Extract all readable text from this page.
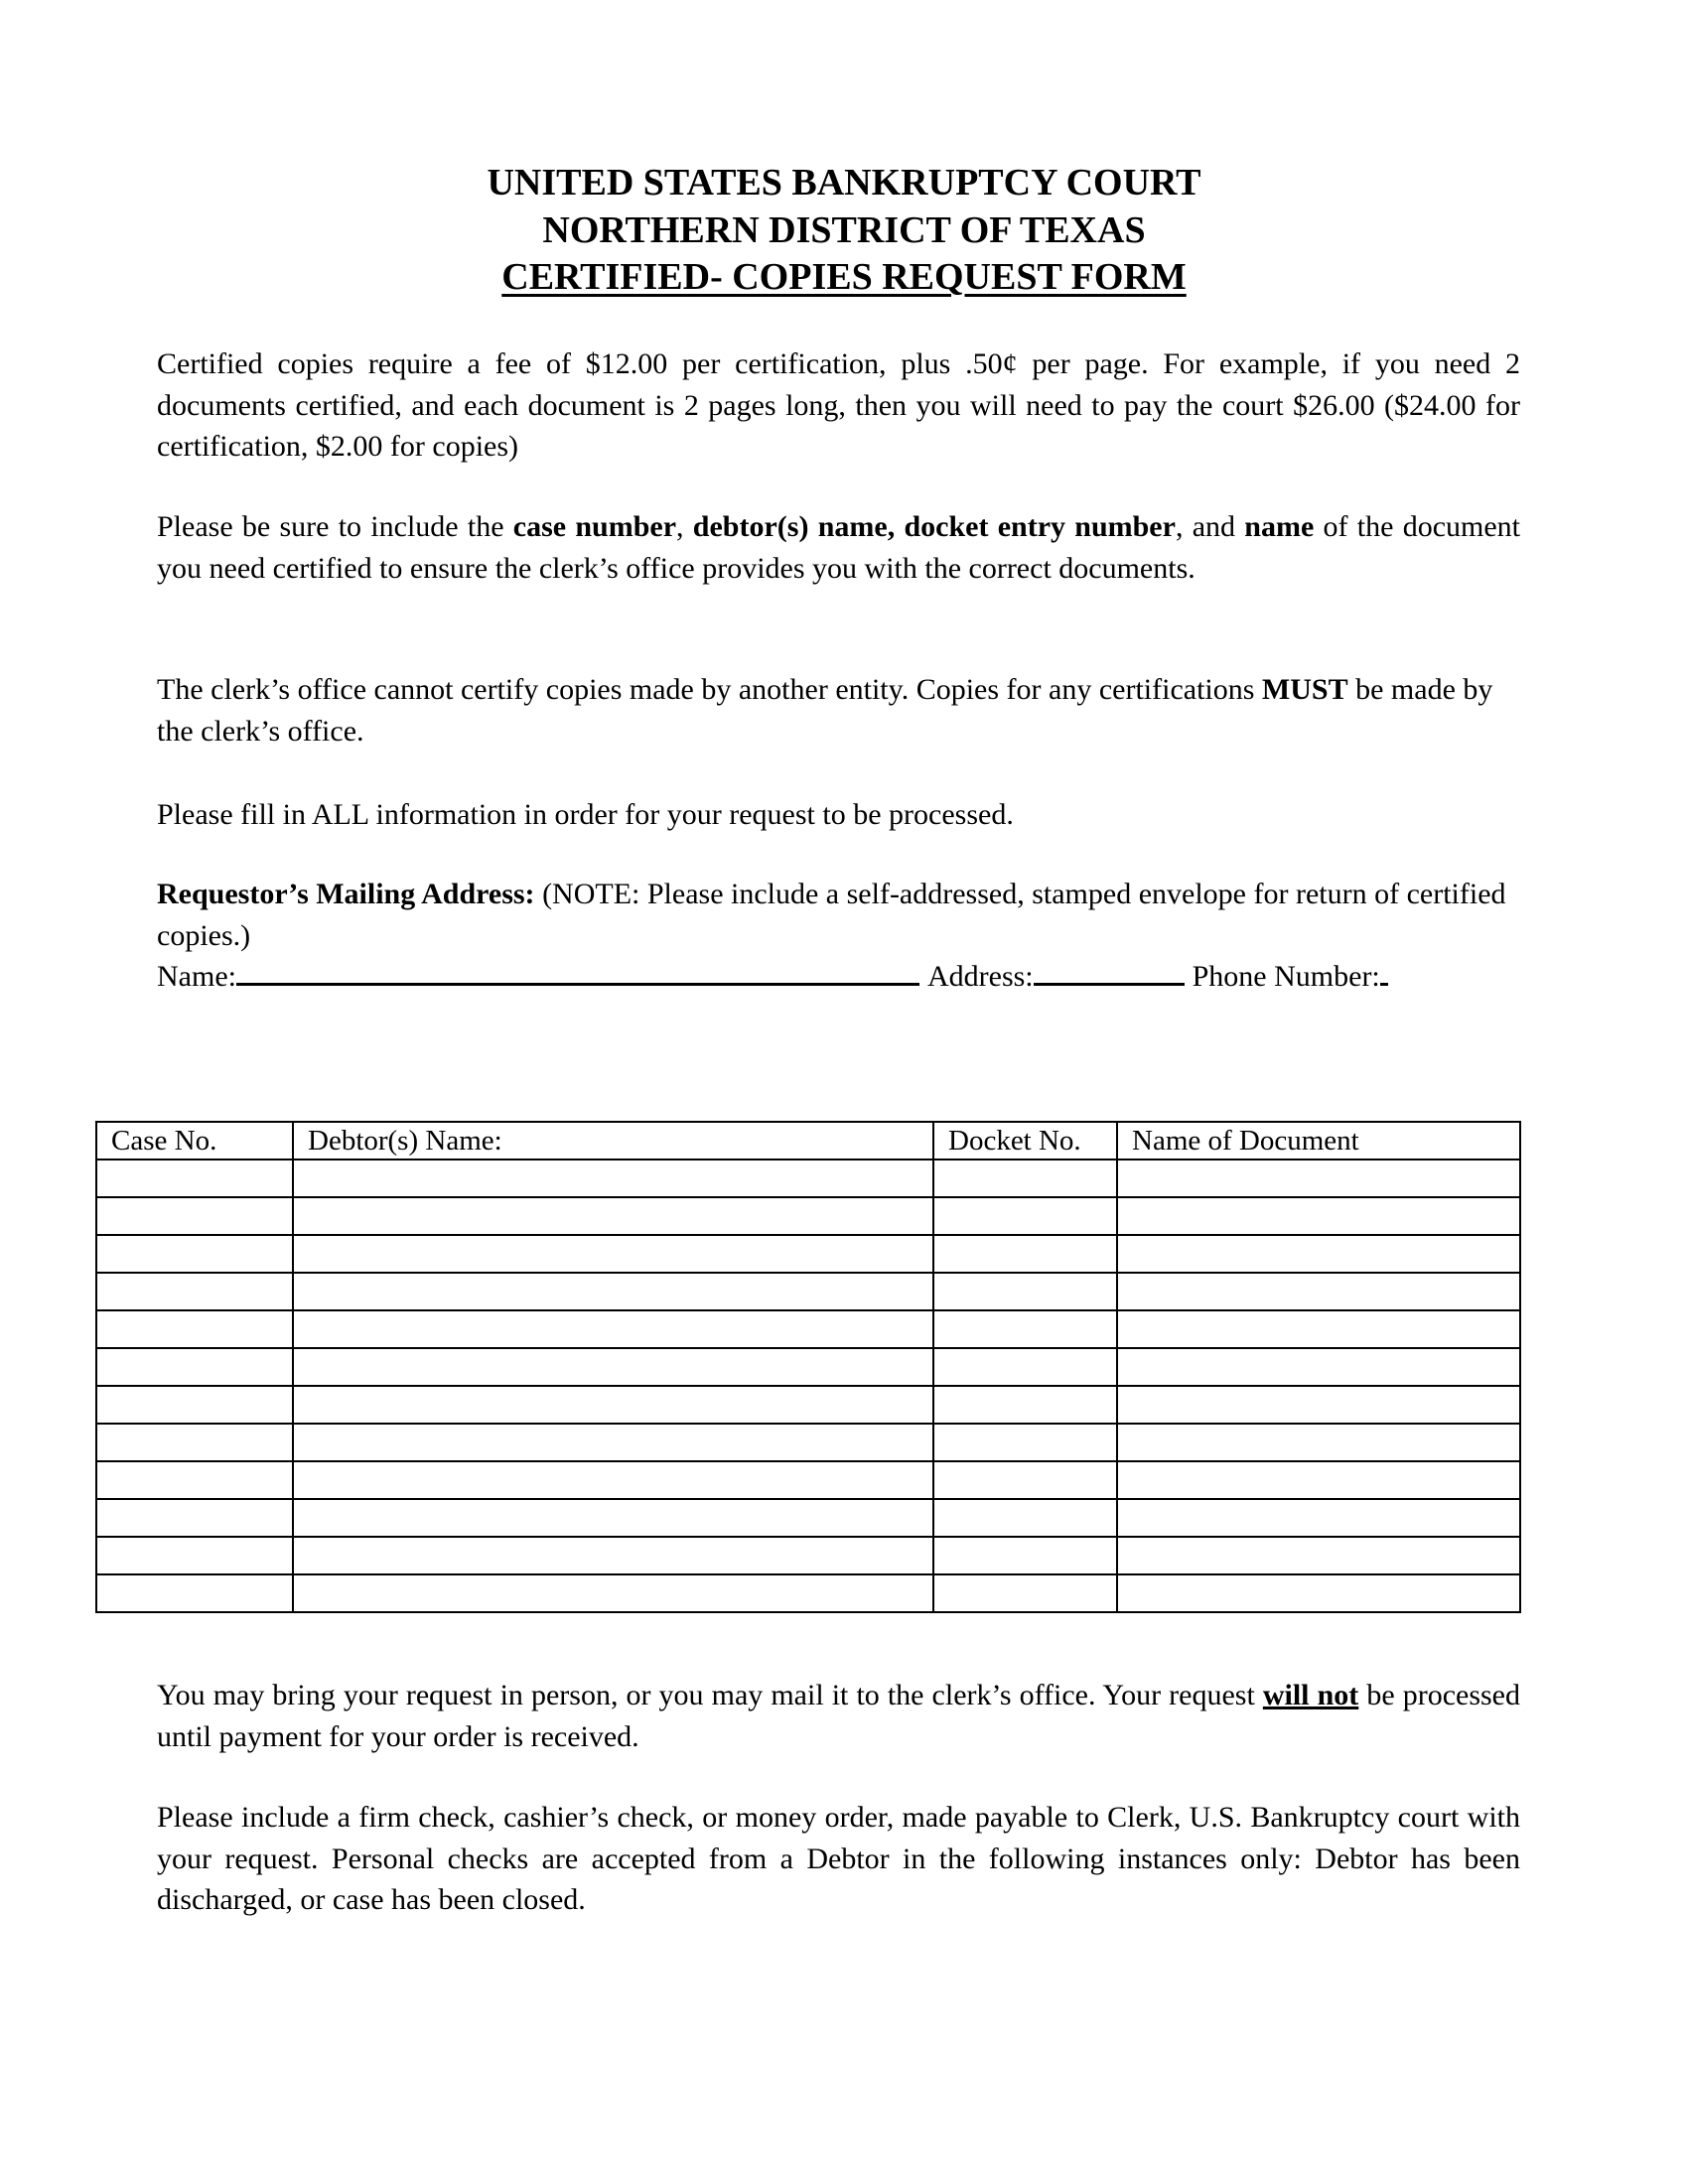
UNITED STATES BANKRUPTCY COURT
NORTHERN DISTRICT OF TEXAS
CERTIFIED- COPIES REQUEST FORM
Certified copies require a fee of $12.00 per certification, plus .50¢ per page. For example, if you need 2 documents certified, and each document is 2 pages long, then you will need to pay the court $26.00 ($24.00 for certification, $2.00 for copies)
Please be sure to include the case number, debtor(s) name, docket entry number, and name of the document you need certified to ensure the clerk’s office provides you with the correct documents.
The clerk’s office cannot certify copies made by another entity. Copies for any certifications MUST be made by the clerk’s office.
Please fill in ALL information in order for your request to be processed.
Requestor’s Mailing Address: (NOTE: Please include a self-addressed, stamped envelope for return of certified copies.)
Name:	Address:	Phone Number:
Case No.	Debtor(s) Name:	Docket No.	Name of Document

You may bring your request in person, or you may mail it to the clerk’s office. Your request will not be processed until payment for your order is received.
Please include a firm check, cashier’s check, or money order, made payable to Clerk, U.S. Bankruptcy court with your request. Personal checks are accepted from a Debtor in the following instances only: Debtor has been discharged, or case has been closed.
